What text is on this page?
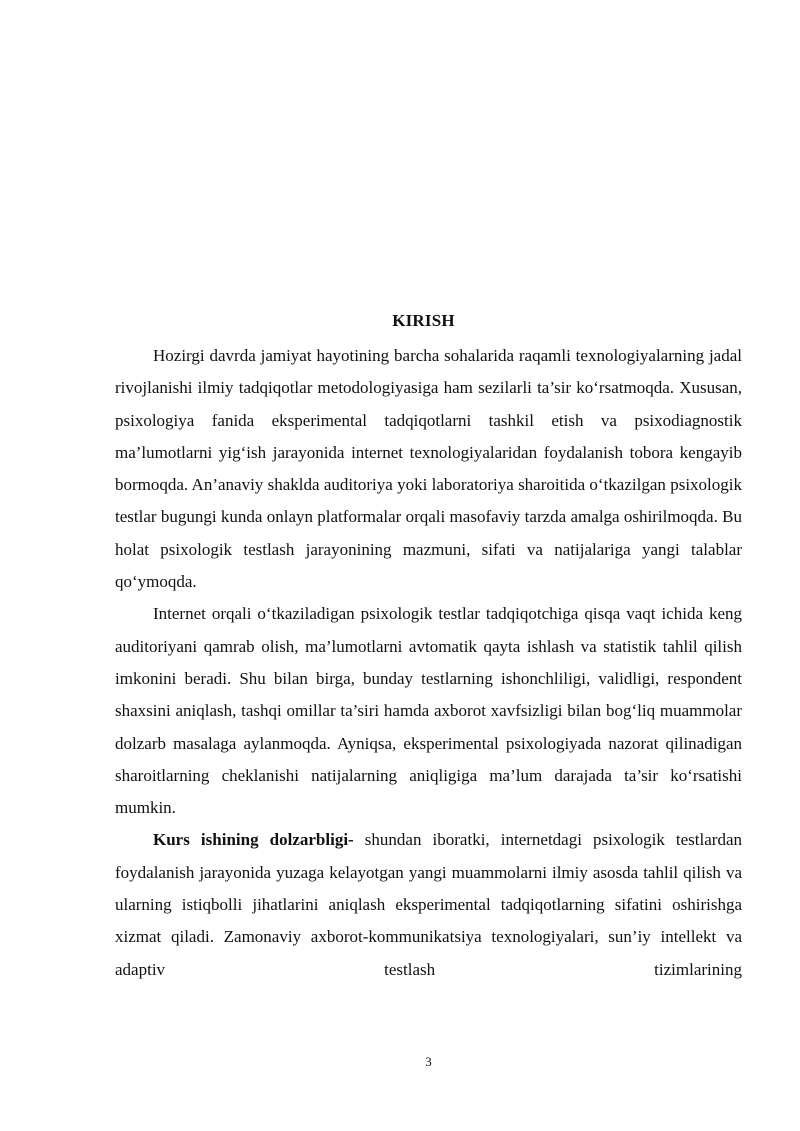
KIRISH

Hozirgi davrda jamiyat hayotining barcha sohalarida raqamli texnologiyalarning jadal rivojlanishi ilmiy tadqiqotlar metodologiyasiga ham sezilarli ta’sir ko‘rsatmoqda. Xususan, psixologiya fanida eksperimental tadqiqotlarni tashkil etish va psixodiagnostik ma’lumotlarni yig‘ish jarayonida internet texnologiyalaridan foydalanish tobora kengayib bormoqda. An’anaviy shaklda auditoriya yoki laboratoriya sharoitida o‘tkazilgan psixologik testlar bugungi kunda onlayn platformalar orqali masofaviy tarzda amalga oshirilmoqda. Bu holat psixologik testlash jarayonining mazmuni, sifati va natijalariga yangi talablar qo‘ymoqda.

Internet orqali o‘tkaziladigan psixologik testlar tadqiqotchiga qisqa vaqt ichida keng auditoriyani qamrab olish, ma’lumotlarni avtomatik qayta ishlash va statistik tahlil qilish imkonini beradi. Shu bilan birga, bunday testlarning ishonchliligi, validligi, respondent shaxsini aniqlash, tashqi omillar ta’siri hamda axborot xavfsizligi bilan bog‘liq muammolar dolzarb masalaga aylanmoqda. Ayniqsa, eksperimental psixologiyada nazorat qilinadigan sharoitlarning cheklanishi natijalarning aniqligiga ma’lum darajada ta’sir ko‘rsatishi mumkin.

Kurs ishining dolzarbligi- shundan iboratki, internetdagi psixologik testlardan foydalanish jarayonida yuzaga kelayotgan yangi muammolarni ilmiy asosda tahlil qilish va ularning istiqbolli jihatlarini aniqlash eksperimental tadqiqotlarning sifatini oshirishga xizmat qiladi. Zamonaviy axborot-kommunikatsiya texnologiyalari, sun’iy intellekt va adaptiv testlash tizimlarining

3
